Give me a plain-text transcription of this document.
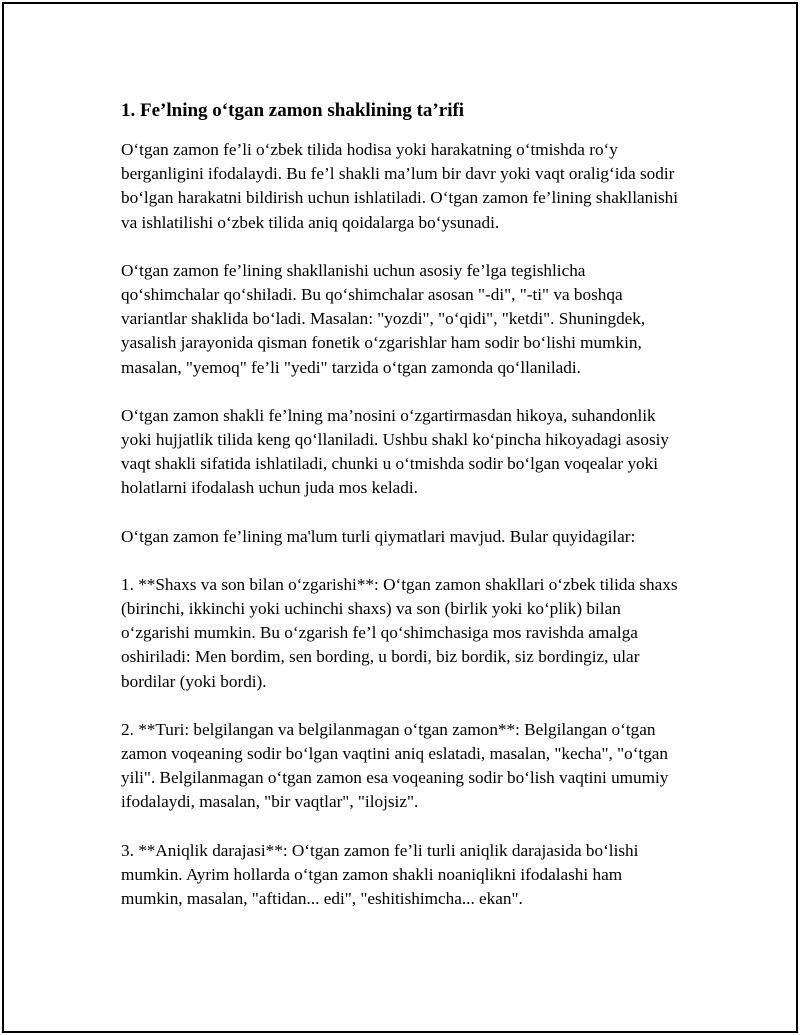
1. Fe’lning o‘tgan zamon shaklining ta’rifi

O‘tgan zamon fe’li o‘zbek tilida hodisa yoki harakatning o‘tmishda ro‘y berganligini ifodalaydi. Bu fe’l shakli ma’lum bir davr yoki vaqt oralig‘ida sodir bo‘lgan harakatni bildirish uchun ishlatiladi. O‘tgan zamon fe’lining shakllanishi va ishlatilishi o‘zbek tilida aniq qoidalarga bo‘ysunadi.

O‘tgan zamon fe’lining shakllanishi uchun asosiy fe’lga tegishlicha qo‘shimchalar qo‘shiladi. Bu qo‘shimchalar asosan "-di", "-ti" va boshqa variantlar shaklida bo‘ladi. Masalan: "yozdi", "o‘qidi", "ketdi". Shuningdek, yasalish jarayonida qisman fonetik o‘zgarishlar ham sodir bo‘lishi mumkin, masalan, "yemoq" fe’li "yedi" tarzida o‘tgan zamonda qo‘llaniladi.

O‘tgan zamon shakli fe’lning ma’nosini o‘zgartirmasdan hikoya, suhandonlik yoki hujjatlik tilida keng qo‘llaniladi. Ushbu shakl ko‘pincha hikoyadagi asosiy vaqt shakli sifatida ishlatiladi, chunki u o‘tmishda sodir bo‘lgan voqealar yoki holatlarni ifodalash uchun juda mos keladi.

O‘tgan zamon fe’lining ma'lum turli qiymatlari mavjud. Bular quyidagilar:

1. **Shaxs va son bilan o‘zgarishi**: O‘tgan zamon shakllari o‘zbek tilida shaxs (birinchi, ikkinchi yoki uchinchi shaxs) va son (birlik yoki ko‘plik) bilan o‘zgarishi mumkin. Bu o‘zgarish fe’l qo‘shimchasiga mos ravishda amalga oshiriladi: Men bordim, sen bording, u bordi, biz bordik, siz bordingiz, ular bordilar (yoki bordi).

2. **Turi: belgilangan va belgilanmagan o‘tgan zamon**: Belgilangan o‘tgan zamon voqeaning sodir bo‘lgan vaqtini aniq eslatadi, masalan, "kecha", "o‘tgan yili". Belgilanmagan o‘tgan zamon esa voqeaning sodir bo‘lish vaqtini umumiy ifodalaydi, masalan, "bir vaqtlar", "ilojsiz".

3. **Aniqlik darajasi**: O‘tgan zamon fe’li turli aniqlik darajasida bo‘lishi mumkin. Ayrim hollarda o‘tgan zamon shakli noaniqlikni ifodalashi ham mumkin, masalan, "aftidan... edi", "eshitishimcha... ekan".
